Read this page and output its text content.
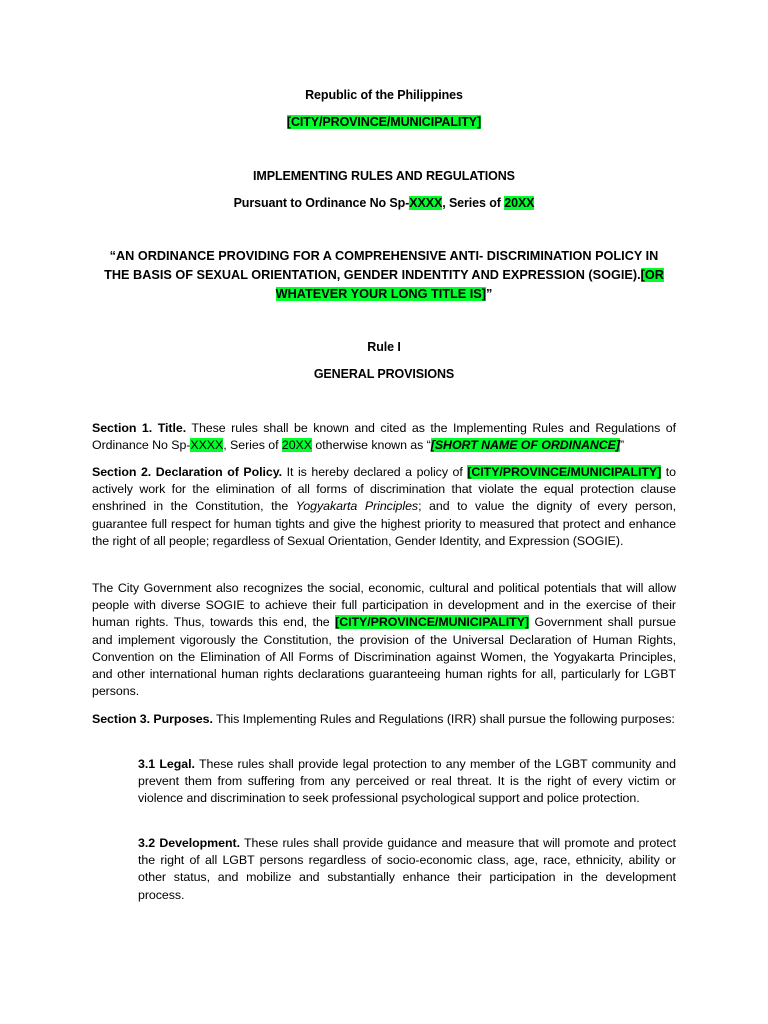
Republic of the Philippines
[CITY/PROVINCE/MUNICIPALITY]
IMPLEMENTING RULES AND REGULATIONS
Pursuant to Ordinance No Sp-XXXX, Series of 20XX
“AN ORDINANCE PROVIDING FOR A COMPREHENSIVE ANTI- DISCRIMINATION POLICY IN THE BASIS OF SEXUAL ORIENTATION, GENDER INDENTITY AND EXPRESSION (SOGIE).[OR WHATEVER YOUR LONG TITLE IS]”
Rule I
GENERAL PROVISIONS
Section 1. Title. These rules shall be known and cited as the Implementing Rules and Regulations of Ordinance No Sp-XXXX, Series of 20XX otherwise known as “[SHORT NAME OF ORDINANCE]”
Section 2. Declaration of Policy. It is hereby declared a policy of [CITY/PROVINCE/MUNICIPALITY] to actively work for the elimination of all forms of discrimination that violate the equal protection clause enshrined in the Constitution, the Yogyakarta Principles; and to value the dignity of every person, guarantee full respect for human tights and give the highest priority to measured that protect and enhance the right of all people; regardless of Sexual Orientation, Gender Identity, and Expression (SOGIE).
The City Government also recognizes the social, economic, cultural and political potentials that will allow people with diverse SOGIE to achieve their full participation in development and in the exercise of their human rights. Thus, towards this end, the [CITY/PROVINCE/MUNICIPALITY] Government shall pursue and implement vigorously the Constitution, the provision of the Universal Declaration of Human Rights, Convention on the Elimination of All Forms of Discrimination against Women, the Yogyakarta Principles, and other international human rights declarations guaranteeing human rights for all, particularly for LGBT persons.
Section 3. Purposes. This Implementing Rules and Regulations (IRR) shall pursue the following purposes:
3.1 Legal. These rules shall provide legal protection to any member of the LGBT community and prevent them from suffering from any perceived or real threat. It is the right of every victim or violence and discrimination to seek professional psychological support and police protection.
3.2 Development. These rules shall provide guidance and measure that will promote and protect the right of all LGBT persons regardless of socio-economic class, age, race, ethnicity, ability or other status, and mobilize and substantially enhance their participation in the development process.
